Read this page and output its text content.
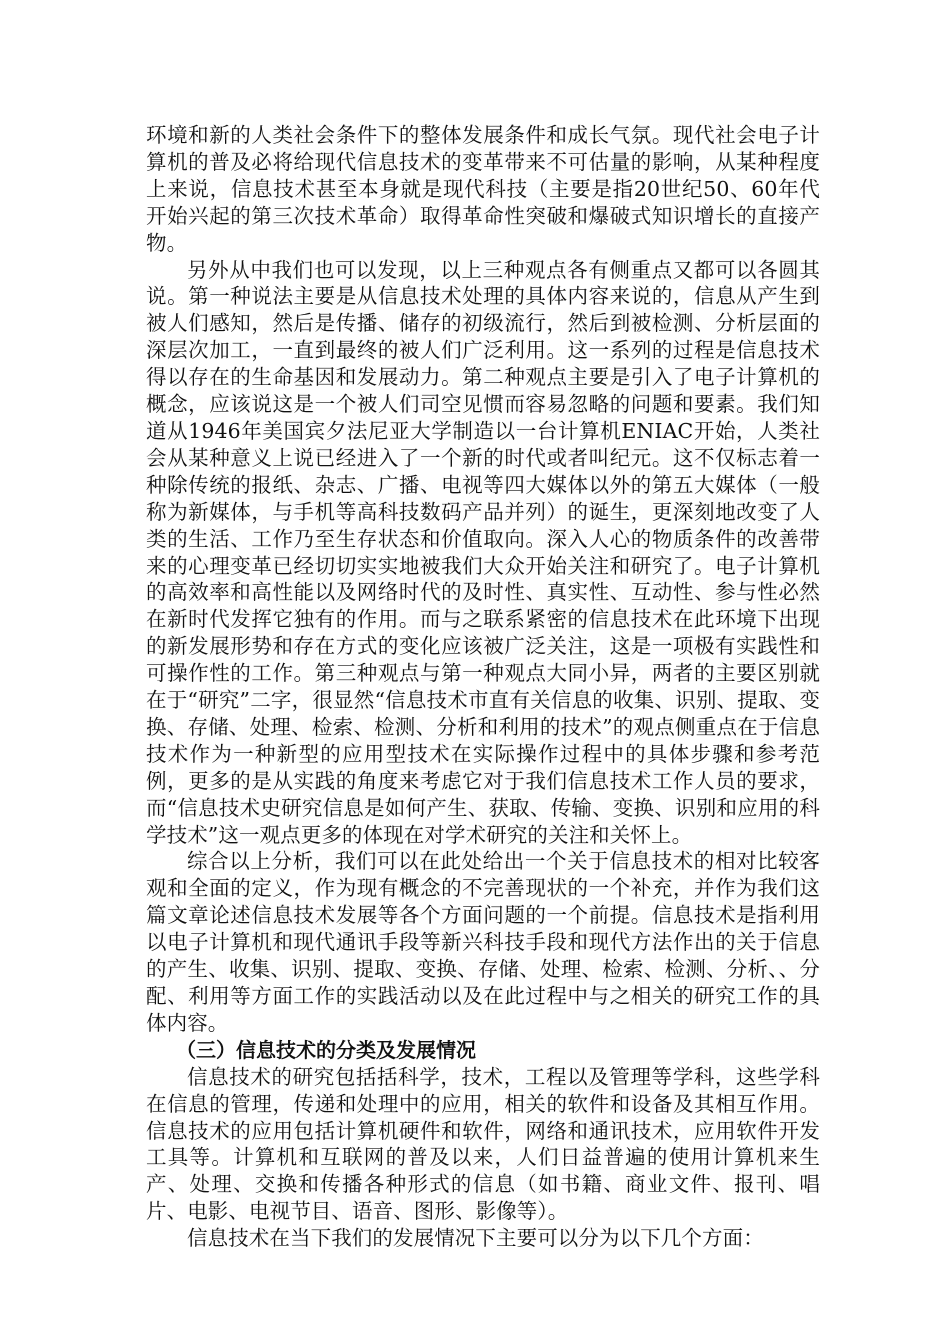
环境和新的人类社会条件下的整体发展条件和成长气氛。现代社会电子计算机的普及必将给现代信息技术的变革带来不可估量的影响，从某种程度上来说，信息技术甚至本身就是现代科技（主要是指20世纪50、60年代开始兴起的第三次技术革命）取得革命性突破和爆破式知识增长的直接产物。

另外从中我们也可以发现，以上三种观点各有侧重点又都可以各圆其说。第一种说法主要是从信息技术处理的具体内容来说的，信息从产生到被人们感知，然后是传播、储存的初级流行，然后到被检测、分析层面的深层次加工，一直到最终的被人们广泛利用。这一系列的过程是信息技术得以存在的生命基因和发展动力。第二种观点主要是引入了电子计算机的概念，应该说这是一个被人们司空见惯而容易忽略的问题和要素。我们知道从1946年美国宾夕法尼亚大学制造以一台计算机ENIAC开始，人类社会从某种意义上说已经进入了一个新的时代或者叫纪元。这不仅标志着一种除传统的报纸、杂志、广播、电视等四大媒体以外的第五大媒体（一般称为新媒体，与手机等高科技数码产品并列）的诞生，更深刻地改变了人类的生活、工作乃至生存状态和价值取向。深入人心的物质条件的改善带来的心理变革已经切切实实地被我们大众开始关注和研究了。电子计算机的高效率和高性能以及网络时代的及时性、真实性、互动性、参与性必然在新时代发挥它独有的作用。而与之联系紧密的信息技术在此环境下出现的新发展形势和存在方式的变化应该被广泛关注，这是一项极有实践性和可操作性的工作。第三种观点与第一种观点大同小异，两者的主要区别就在于“研究”二字，很显然“信息技术市直有关信息的收集、识别、提取、变换、存储、处理、检索、检测、分析和利用的技术”的观点侧重点在于信息技术作为一种新型的应用型技术在实际操作过程中的具体步骤和参考范例，更多的是从实践的角度来考虑它对于我们信息技术工作人员的要求，而“信息技术史研究信息是如何产生、获取、传输、变换、识别和应用的科学技术”这一观点更多的体现在对学术研究的关注和关怀上。

综合以上分析，我们可以在此处给出一个关于信息技术的相对比较客观和全面的定义，作为现有概念的不完善现状的一个补充，并作为我们这篇文章论述信息技术发展等各个方面问题的一个前提。信息技术是指利用以电子计算机和现代通讯手段等新兴科技手段和现代方法作出的关于信息的产生、收集、识别、提取、变换、存储、处理、检索、检测、分析、、分配、利用等方面工作的实践活动以及在此过程中与之相关的研究工作的具体内容。

（三）信息技术的分类及发展情况

信息技术的研究包括括科学，技术，工程以及管理等学科，这些学科在信息的管理，传递和处理中的应用，相关的软件和设备及其相互作用。信息技术的应用包括计算机硬件和软件，网络和通讯技术，应用软件开发工具等。计算机和互联网的普及以来，人们日益普遍的使用计算机来生产、处理、交换和传播各种形式的信息（如书籍、商业文件、报刊、唱片、电影、电视节目、语音、图形、影像等）。

信息技术在当下我们的发展情况下主要可以分为以下几个方面：
